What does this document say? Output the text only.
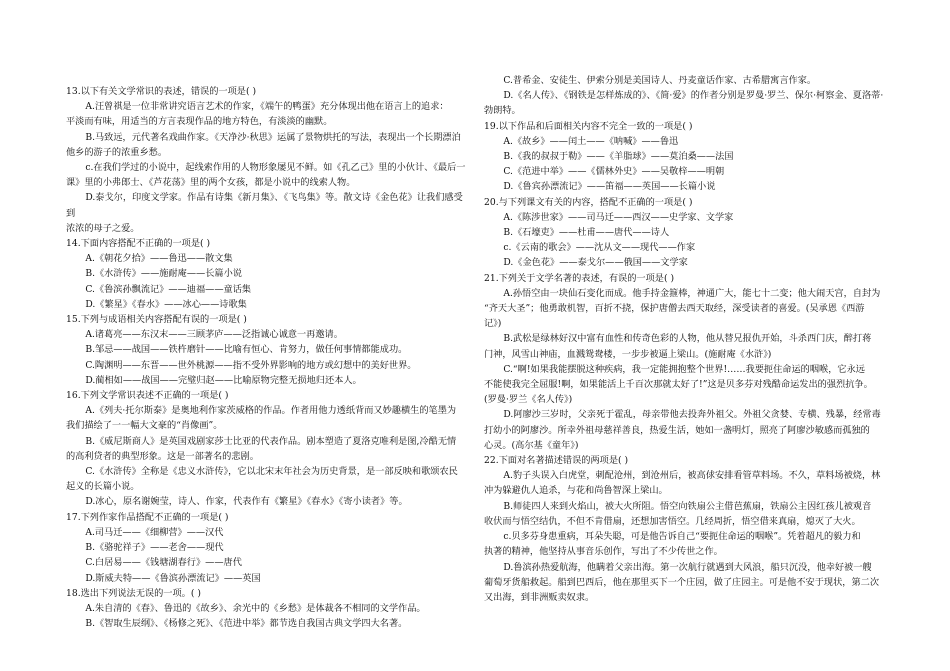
13.以下有关文学常识的表述，错误的一项是( )

A.汪曾祺是一位非常讲究语言艺术的作家，《端午的鸭蛋》充分体现出他在语言上的追求：

平淡而有味，用适当的方言表现作品的地方特色，有淡淡的幽默。

B.马致远，元代著名戏曲作家。《天净沙·秋思》运属了景物烘托的写法，表现出一个长期漂泊

他乡的游子的浓重乡愁。

c.在我们学过的小说中，起线索作用的人物形象屡见不鲜。如《孔乙己》里的小伙计、《最后一

课》里的小弗郎士、《芦花荡》里的两个女孩，都是小说中的线索人物。

D.泰戈尔，印度文学家。作品有诗集《新月集》、《飞鸟集》等。散文诗《金色花》让我们感受到

浓浓的母子之爱。

14.下面内容搭配不正确的一项是( )

A.《朝花夕拾》——鲁迅——散文集

B.《水浒传》——施耐庵——长篇小说

C.《鲁滨孙飘流记》——迪福——童话集

D.《繁星》《春水》——冰心——诗歌集

15.下列与成语相关内容搭配有误的一项是( )

A.诸葛亮——东汉末——三顾茅庐——泛指诚心诚意一再邀请。

B.邹忌——战国——铁杵磨针——比喻有恒心、肯努力，做任何事情都能成功。

C.陶渊明——东晋——世外桃源——指不受外界影响的地方或幻想中的美好世界。

D.蔺相如——战国——完璧归赵——比喻原物完整无损地归还本人。

16.下列文学常识表述不正确的一项是( )

A.《列夫·托尔斯泰》是奥地利作家茨威格的作品。作者用他力透纸背而又妙趣横生的笔墨为

我们描绘了一一幅大文豪的“肖像画”。

B.《威尼斯商人》是英国戏剧家莎士比亚的代表作品。剧本塑造了夏洛克唯利是图,冷酷无情

的高利贷者的典型形象。这是一部著名的悲剧。

C.《水浒传》全称是《忠义水浒传》，它以北宋末年社会为历史背景，是一部反映和歌颂农民

起义的长篇小说。

D.冰心，原名谢婉莹，诗人、作家，代表作有《繁星》《春水》《寄小读者》等。

17.下列作家作品搭配不正确的一项是( )

A.司马迁——《细柳营》——汉代

B.《骆驼祥子》——老舍——现代

C.白居易——《钱塘湖春行》——唐代

D.斯威夫特——《鲁滨孙漂流记》——英国

18.选出下列说法无误的一项。( )

A.朱自清的《春》、鲁迅的《故乡》、余光中的《乡愁》是体裁各不相同的文学作品。

B.《智取生辰纲》、《杨修之死》、《范进中举》都节选自我国古典文学四大名著。

C.普希金、安徒生、伊索分别是美国诗人、丹麦童话作家、古希腊寓言作家。

D.《名人传》、《钢铁是怎样炼成的》、《简·爱》的作者分别是罗曼·罗兰、保尔·柯察金、夏洛蒂·

勃朗特。

19.以下作品和后面相关内容不完全一致的一项是( )

A.《故乡》——闰土——《呐喊》——鲁迅

B.《我的叔叔于勒》——《羊脂球》——莫泊桑——法国

C.《范进中举》——《儒林外史》——吴敬梓——明朝

D.《鲁宾孙漂流记》——笛福——英国——长篇小说

20.与下列课文有关的内容，搭配不正确的一项是( )

A.《陈涉世家》——司马迁——西汉——史学家、文学家

B.《石壕吏》——杜甫——唐代——诗人

c.《云南的歌会》——沈从文——现代——作家

D.《金色花》——泰戈尔——俄国——文学家

21.下列关于文学名著的表述，有误的一项是( )

A.孙悟空由一块仙石变化而成。他手持金箍棒，神通广大，能七十二变；他大闹天宫，自封为

“齐天大圣”；他勇敢机智，百折不挠，保护唐僧去西天取经，深受读者的喜爱。(吴承恩《西游

记》)

B.武松是绿林好汉中富有血性和传奇色彩的人物，他从替兄报仇开始，斗杀西门庆，醉打蒋

门神，风雪山神庙，血溅鸳鸯楼，一步步被逼上梁山。(施耐庵《水浒》)

C.“啊!如果我能摆脱这种疾病，我一定能拥抱整个世界!……我要扼住命运的咽喉，它永远

不能使我完全屈服!啊，如果能活上千百次那就太好了!”这是贝多芬对残酷命运发出的强烈抗争。

(罗曼·罗兰《名人传》)

D.阿廖沙三岁时，父亲死于霍乱，母亲带他去投奔外祖父。外祖父贪婪、专横、残暴，经常毒

打幼小的阿廖沙。所幸外祖母慈祥善良，热爱生活，她如一盏明灯，照亮了阿廖沙敏感而孤独的

心灵。(高尔基《童年》)

22.下面对名著描述错误的两项是( )

A.豹子头误入白虎堂，刺配沧州，到沧州后，被高俅安排看管草料场。不久，草料场被烧，林

冲为躲避仇人追杀，与花和尚鲁智深上梁山。

B.师徒四人来到火焰山，被大火所阻。悟空向铁扇公主借芭蕉扇，铁扇公主因红孩儿被观音

收伏而与悟空结仇，不但不肯借扇，还想加害悟空。几经周折，悟空借来真扇，熄灭了大火。

c.贝多芬身患重病，耳朵失聪，可是他告诉自己“要扼住命运的咽喉”。凭着超凡的毅力和

执著的精神，他坚持从事音乐创作，写出了不少传世之作。

D.鲁滨孙热爱航海，他瞒着父亲出海。第一次航行就遇到大风浪，船只沉没，他幸好被一艘

葡萄牙货船救起。船到巴西后，他在那里买下一个庄园，做了庄园主。可是他不安于现状，第二次

又出海，到非洲贩卖奴隶。
